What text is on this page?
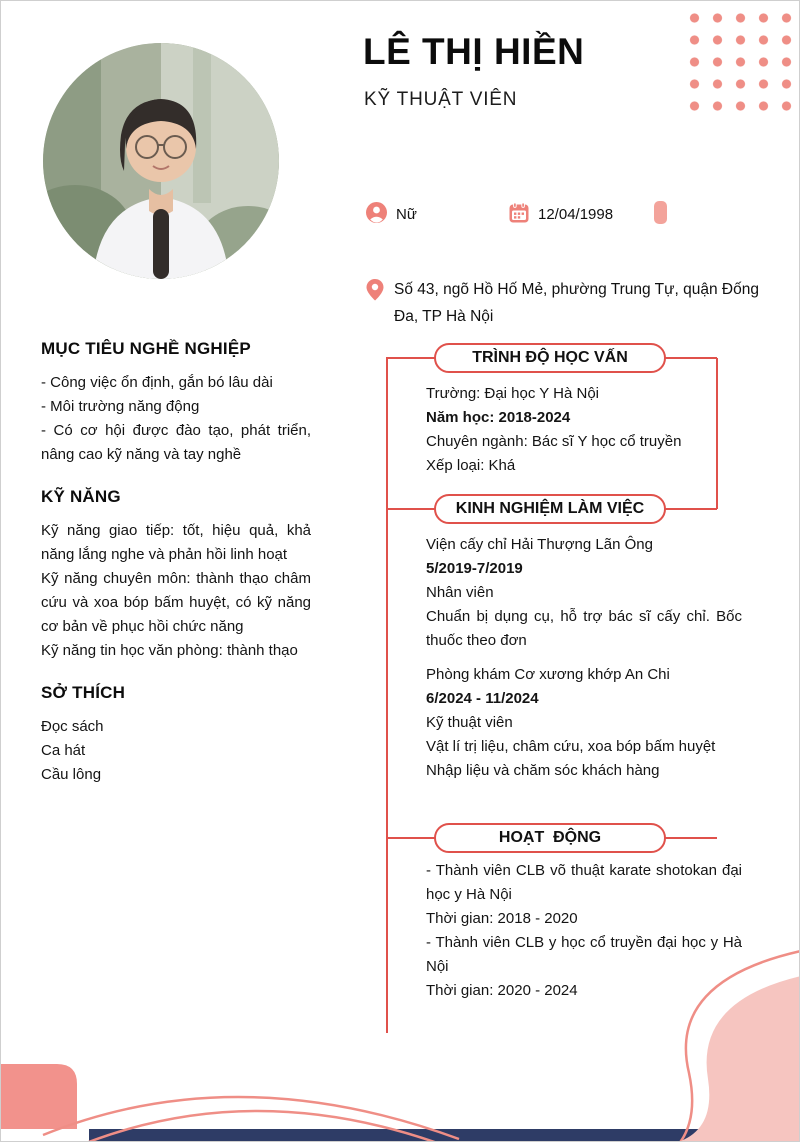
LÊ THỊ HIỀN
KỸ THUẬT VIÊN
Nữ	12/04/1998
Số 43, ngõ Hồ Hố Mẻ, phường Trung Tự, quận Đống Đa, TP Hà Nội
MỤC TIÊU NGHỀ NGHIỆP

- Công việc ổn định, gắn bó lâu dài

- Môi trường năng động

- Có cơ hội được đào tạo, phát triển, nâng cao kỹ năng và tay nghề

KỸ NĂNG

Kỹ năng giao tiếp: tốt, hiệu quả, khả năng lắng nghe và phản hồi linh hoạt

Kỹ năng chuyên môn: thành thạo châm cứu và xoa bóp bấm huyệt, có kỹ năng cơ bản về phục hồi chức năng

Kỹ năng tin học văn phòng: thành thạo

SỞ THÍCH

Đọc sách

Ca hát

Cầu lông

TRÌNH ĐỘ HỌC VẤN
KINH NGHIỆM LÀM VIỆC
HOẠT  ĐỘNG

Trường: Đại học Y Hà Nội

Năm học: 2018-2024

Chuyên ngành: Bác sĩ Y học cổ truyền

Xếp loại: Khá

Viện cấy chỉ Hải Thượng Lãn Ông

5/2019-7/2019

Nhân viên

Chuẩn bị dụng cụ, hỗ trợ bác sĩ cấy chỉ. Bốc thuốc theo đơn

Phòng khám Cơ xương khớp An Chi

6/2024 - 11/2024

Kỹ thuật viên

Vật lí trị liệu, châm cứu, xoa bóp bấm huyệt

Nhập liệu và chăm sóc khách hàng

- Thành viên CLB võ thuật karate shotokan đại học y Hà Nội

Thời gian: 2018 - 2020

- Thành viên CLB y học cổ truyền đại học y Hà Nội

Thời gian: 2020 - 2024
